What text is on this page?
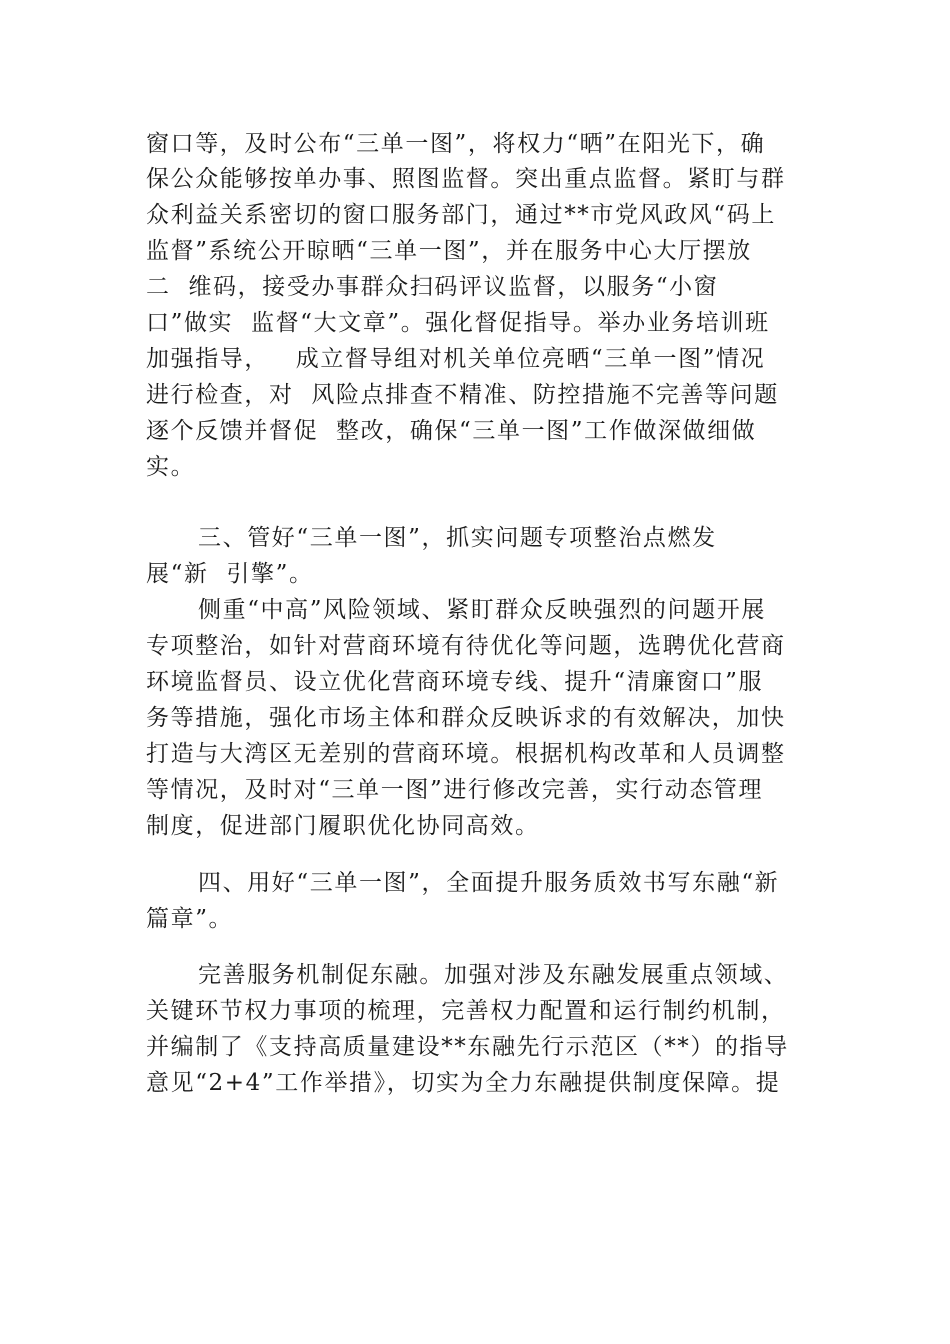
窗口等，及时公布“三单一图”，将权力“晒”在阳光下，确

保公众能够按单办事、照图监督。突出重点监督。紧盯与群

众利益关系密切的窗口服务部门，通过**市党风政风“码上

监督”系统公开晾晒“三单一图”，并在服务中心大厅摆放

二  维码，接受办事群众扫码评议监督，以服务“小窗

口”做实  监督“大文章”。强化督促指导。举办业务培训班

加强指导，   成立督导组对机关单位亮晒“三单一图”情况

进行检查，对  风险点排查不精准、防控措施不完善等问题

逐个反馈并督促  整改，确保“三单一图”工作做深做细做

实。

三、管好“三单一图”，抓实问题专项整治点燃发

展“新  引擎”。

侧重“中高”风险领域、紧盯群众反映强烈的问题开展

专项整治，如针对营商环境有待优化等问题，选聘优化营商

环境监督员、设立优化营商环境专线、提升“清廉窗口”服

务等措施，强化市场主体和群众反映诉求的有效解决，加快

打造与大湾区无差别的营商环境。根据机构改革和人员调整

等情况，及时对“三单一图”进行修改完善，实行动态管理

制度，促进部门履职优化协同高效。

四、用好“三单一图”，全面提升服务质效书写东融“新

篇章”。

完善服务机制促东融。加强对涉及东融发展重点领域、

关键环节权力事项的梳理，完善权力配置和运行制约机制，

并编制了《支持高质量建设**东融先行示范区（**）的指导

意见“2+4”工作举措》，切实为全力东融提供制度保障。提
